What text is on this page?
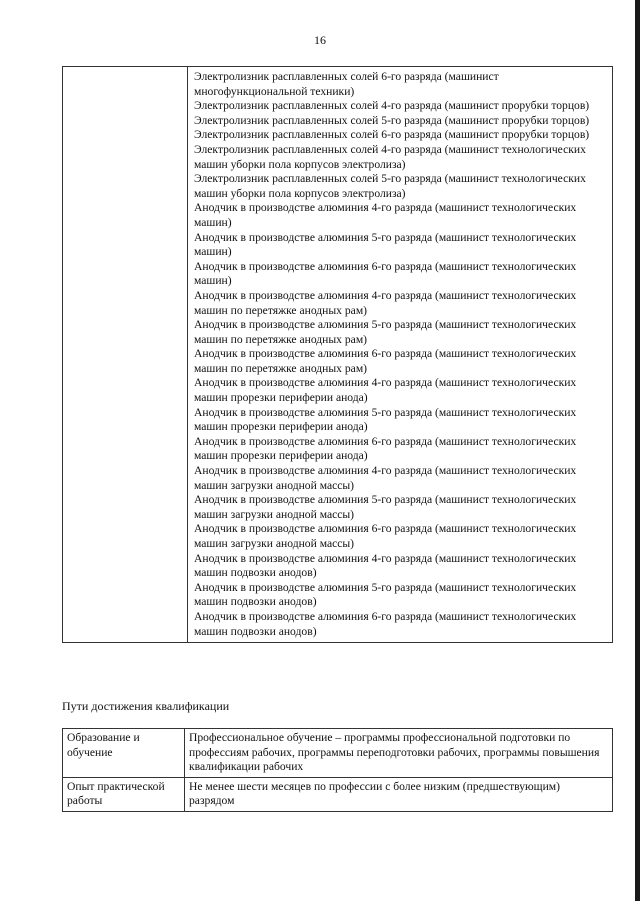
16

Электролизник расплавленных солей 6-го разряда (машинист многофункциональной техники)

Электролизник расплавленных солей 4-го разряда (машинист прорубки торцов)

Электролизник расплавленных солей 5-го разряда (машинист прорубки торцов)

Электролизник расплавленных солей 6-го разряда (машинист прорубки торцов)

Электролизник расплавленных солей 4-го разряда (машинист технологических машин уборки пола корпусов электролиза)

Электролизник расплавленных солей 5-го разряда (машинист технологических машин уборки пола корпусов электролиза)

Анодчик в производстве алюминия 4-го разряда (машинист технологических машин)

Анодчик в производстве алюминия 5-го разряда (машинист технологических машин)

Анодчик в производстве алюминия 6-го разряда (машинист технологических машин)

Анодчик в производстве алюминия 4-го разряда (машинист технологических машин по перетяжке анодных рам)

Анодчик в производстве алюминия 5-го разряда (машинист технологических машин по перетяжке анодных рам)

Анодчик в производстве алюминия 6-го разряда (машинист технологических машин по перетяжке анодных рам)

Анодчик в производстве алюминия 4-го разряда (машинист технологических машин прорезки периферии анода)

Анодчик в производстве алюминия 5-го разряда (машинист технологических машин прорезки периферии анода)

Анодчик в производстве алюминия 6-го разряда (машинист технологических машин прорезки периферии анода)

Анодчик в производстве алюминия 4-го разряда (машинист технологических машин загрузки анодной массы)

Анодчик в производстве алюминия 5-го разряда (машинист технологических машин загрузки анодной массы)

Анодчик в производстве алюминия 6-го разряда (машинист технологических машин загрузки анодной массы)

Анодчик в производстве алюминия 4-го разряда (машинист технологических машин подвозки анодов)

Анодчик в производстве алюминия 5-го разряда (машинист технологических машин подвозки анодов)

Анодчик в производстве алюминия 6-го разряда (машинист технологических машин подвозки анодов)

Пути достижения квалификации
Образование и обучение	Профессиональное обучение – программы профессиональной подготовки по профессиям рабочих, программы переподготовки рабочих, программы повышения квалификации рабочих
Опыт практической работы	Не менее шести месяцев по профессии с более низким (предшествующим) разрядом
